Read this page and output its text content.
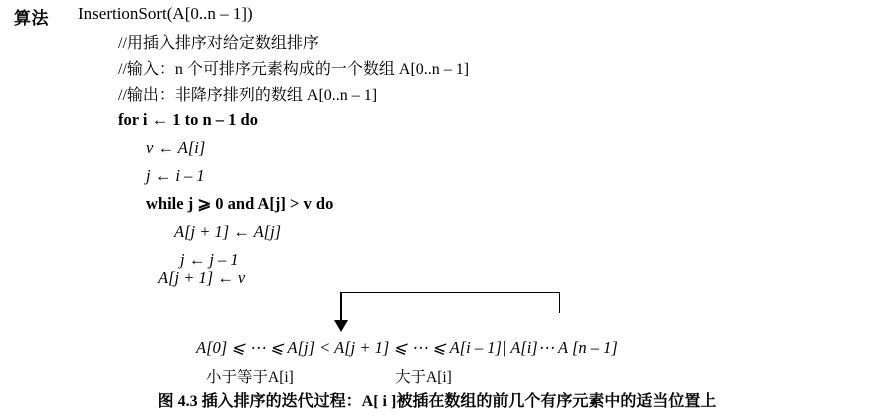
算法 InsertionSort(A[0..n – 1])
//用插入排序对给定数组排序
//输入：n 个可排序元素构成的一个数组 A[0..n – 1]
//输出：非降序排列的数组 A[0..n – 1]
for i ← 1 to n – 1 do
v ← A[i]
j ← i – 1
while j ⩾ 0 and A[j] > v do
A[j + 1] ← A[j]
j ← j – 1
A[j + 1] ← v
A[0] ⩽ ⋯ ⩽ A[j] < A[j + 1] ⩽ ⋯ ⩽ A[i – 1]| A[i]⋯ A [n – 1]
小于等于A[i]	大于A[i]
图 4.3 插入排序的迭代过程：A[ i ]被插在数组的前几个有序元素中的适当位置上
